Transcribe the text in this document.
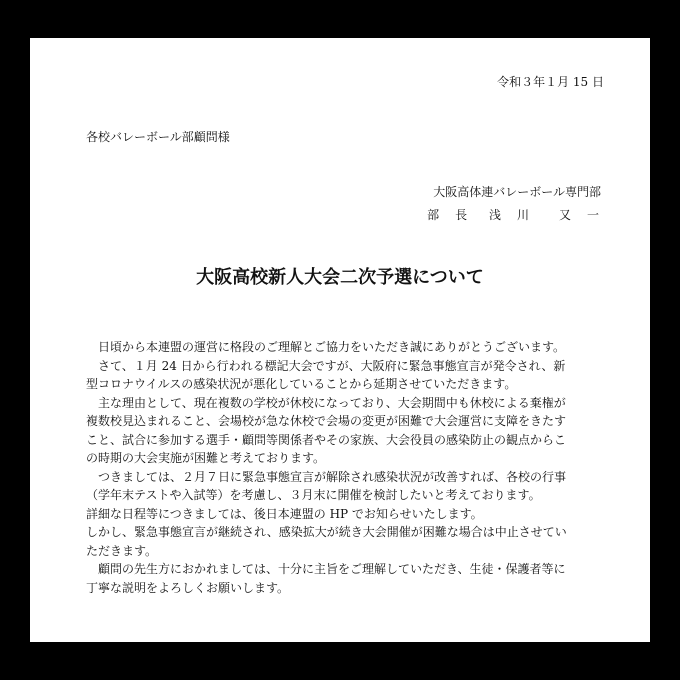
令和３年１月 15 日
各校バレーボール部顧問様
大阪高体連バレーボール専門部
部　長　 浅　川　　又　一
大阪高校新人大会二次予選について
　日頃から本連盟の運営に格段のご理解とご協力をいただき誠にありがとうございます。
　さて、１月 24 日から行われる標記大会ですが、大阪府に緊急事態宣言が発令され、新
型コロナウイルスの感染状況が悪化していることから延期させていただきます。
　主な理由として、現在複数の学校が休校になっており、大会期間中も休校による棄権が
複数校見込まれること、会場校が急な休校で会場の変更が困難で大会運営に支障をきたす
こと、試合に参加する選手・顧問等関係者やその家族、大会役員の感染防止の観点からこ
の時期の大会実施が困難と考えております。
　つきましては、２月７日に緊急事態宣言が解除され感染状況が改善すれば、各校の行事
（学年末テストや入試等）を考慮し、３月末に開催を検討したいと考えております。
詳細な日程等につきましては、後日本連盟の HP でお知らせいたします。
しかし、緊急事態宣言が継続され、感染拡大が続き大会開催が困難な場合は中止させてい
ただきます。
　顧問の先生方におかれましては、十分に主旨をご理解していただき、生徒・保護者等に
丁寧な説明をよろしくお願いします。
